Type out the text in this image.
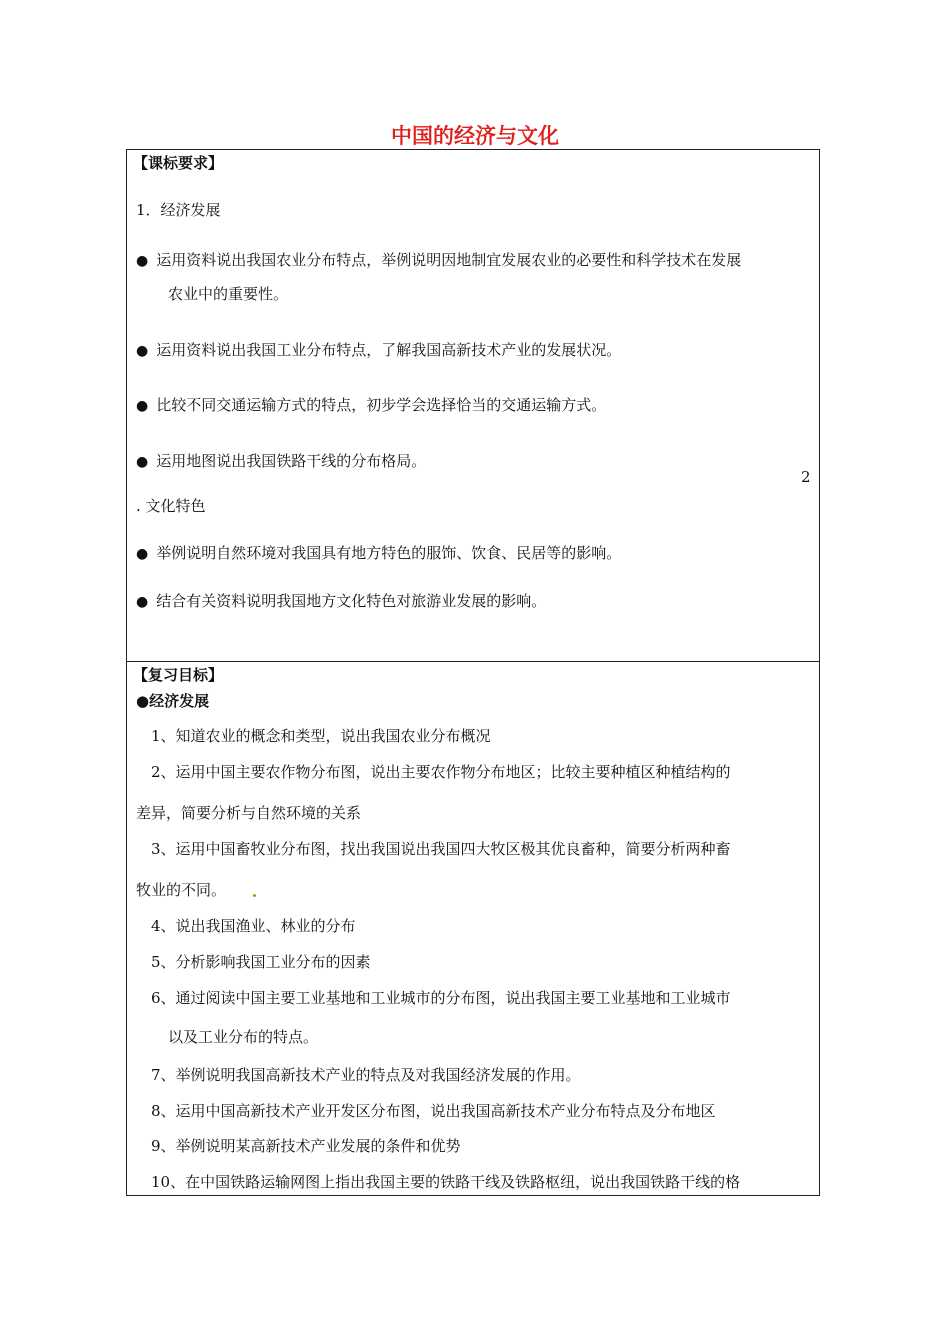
中国的经济与文化
【课标要求】
1．经济发展
● 运用资料说出我国农业分布特点，举例说明因地制宜发展农业的必要性和科学技术在发展
农业中的重要性。
● 运用资料说出我国工业分布特点，了解我国高新技术产业的发展状况。
● 比较不同交通运输方式的特点，初步学会选择恰当的交通运输方式。
● 运用地图说出我国铁路干线的分布格局。
2
. 文化特色
● 举例说明自然环境对我国具有地方特色的服饰、饮食、民居等的影响。
● 结合有关资料说明我国地方文化特色对旅游业发展的影响。
【复习目标】
●经济发展
1、知道农业的概念和类型，说出我国农业分布概况
2、运用中国主要农作物分布图，说出主要农作物分布地区；比较主要种植区种植结构的
差异，简要分析与自然环境的关系
3、运用中国畜牧业分布图，找出我国说出我国四大牧区极其优良畜种，简要分析两种畜
牧业的不同。
4、说出我国渔业、林业的分布
5、分析影响我国工业分布的因素
6、通过阅读中国主要工业基地和工业城市的分布图，说出我国主要工业基地和工业城市
以及工业分布的特点。
7、举例说明我国高新技术产业的特点及对我国经济发展的作用。
8、运用中国高新技术产业开发区分布图，说出我国高新技术产业分布特点及分布地区
9、举例说明某高新技术产业发展的条件和优势
10、在中国铁路运输网图上指出我国主要的铁路干线及铁路枢纽，说出我国铁路干线的格
